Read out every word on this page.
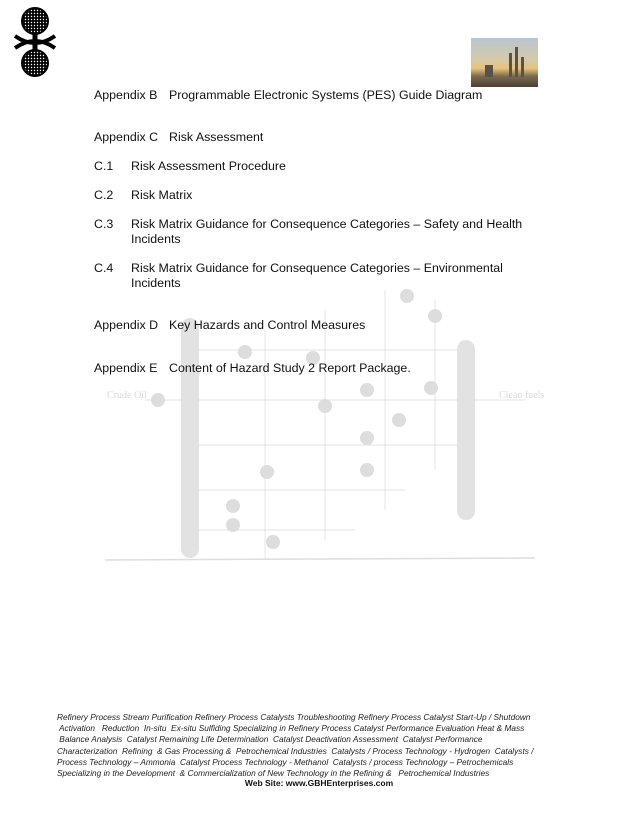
Crude Oil	Clean fuels
Appendix B Programmable Electronic Systems (PES) Guide Diagram
Appendix C Risk Assessment
C.1 Risk Assessment Procedure
C.2 Risk Matrix
C.3 Risk Matrix Guidance for Consequence Categories – Safety and Health
Incidents
C.4 Risk Matrix Guidance for Consequence Categories – Environmental
Incidents
Appendix D Key Hazards and Control Measures
Appendix E Content of Hazard Study 2 Report Package.
Refinery Process Stream Purification Refinery Process Catalysts Troubleshooting Refinery Process Catalyst Start-Up / Shutdown
Activation   Reduction  In-situ  Ex-situ Sulfiding Specializing in Refinery Process Catalyst Performance Evaluation Heat & Mass
Balance Analysis  Catalyst Remaining Life Determination  Catalyst Deactivation Assessment  Catalyst Performance
Characterization  Refining  & Gas Processing &  Petrochemical Industries  Catalysts / Process Technology - Hydrogen  Catalysts /
Process Technology – Ammonia  Catalyst Process Technology - Methanol  Catalysts / process Technology – Petrochemicals
Specializing in the Development  & Commercialization of New Technology in the Refining &   Petrochemical Industries
Web Site: www.GBHEnterprises.com
